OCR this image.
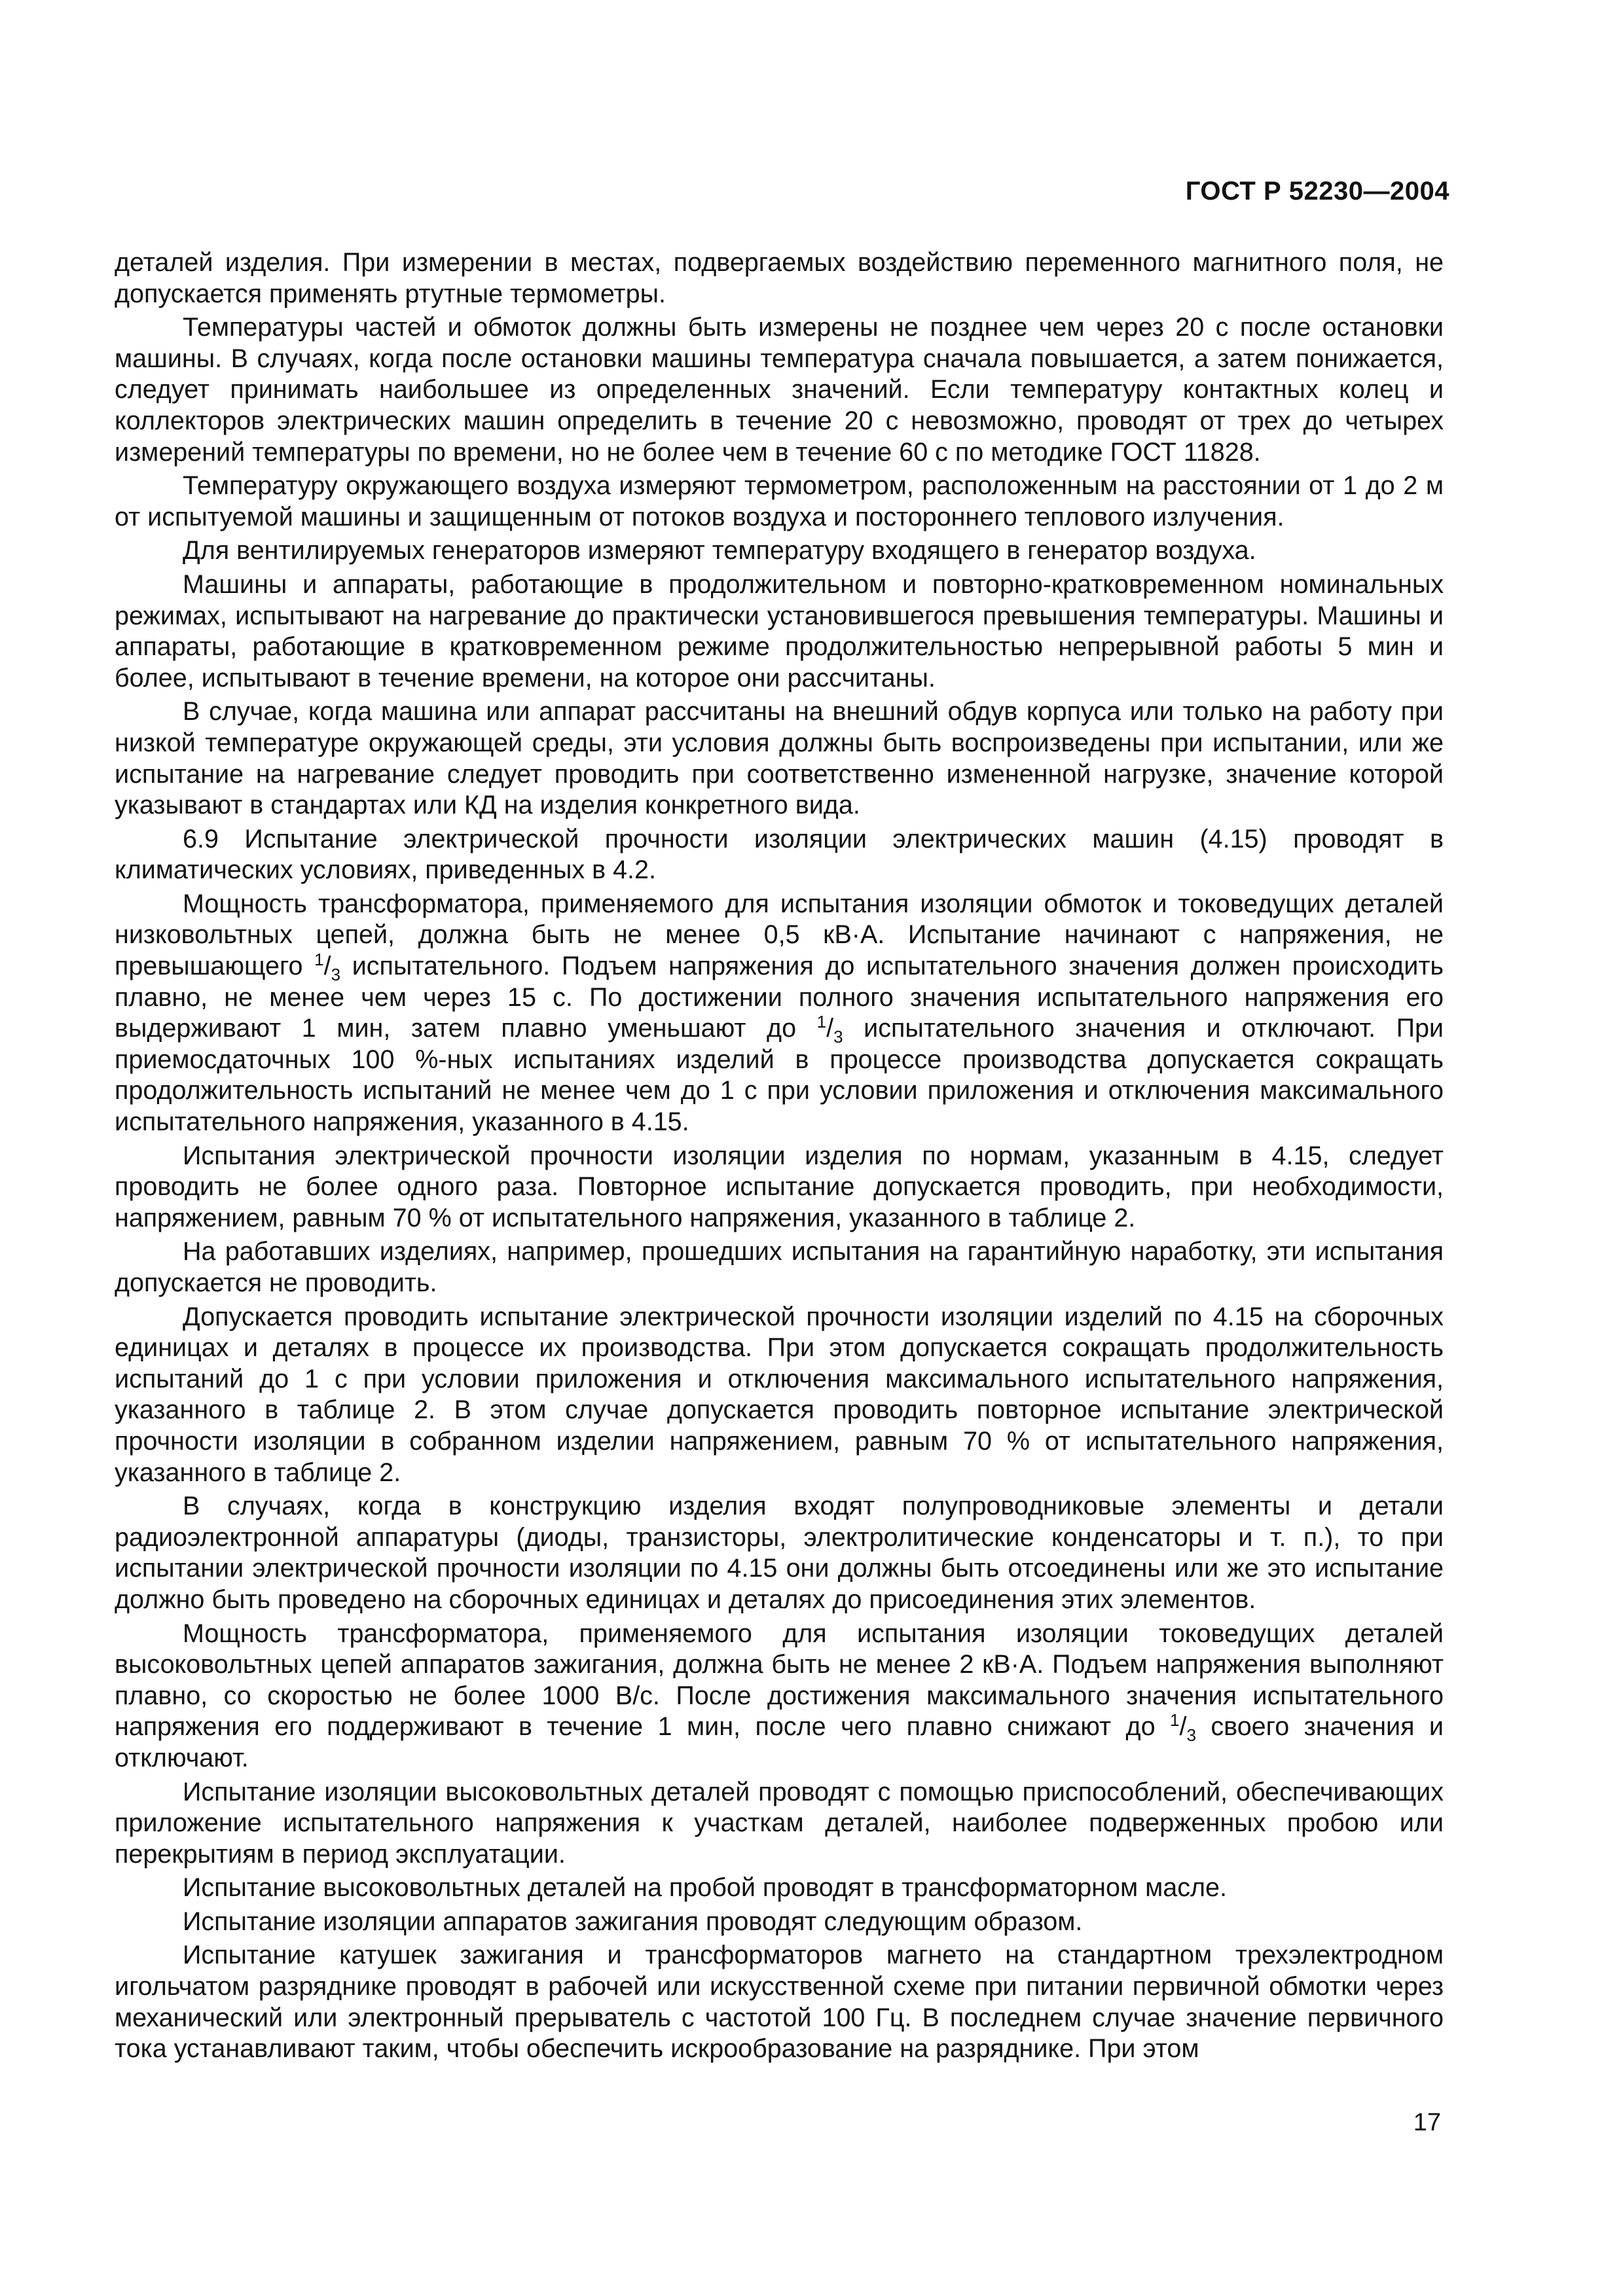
ГОСТ Р 52230—2004

деталей изделия. При измерении в местах, подвергаемых воздействию переменного магнитного поля, не допускается применять ртутные термометры.

Температуры частей и обмоток должны быть измерены не позднее чем через 20 с после остановки машины. В случаях, когда после остановки машины температура сначала повышается, а затем понижается, следует принимать наибольшее из определенных значений. Если температуру контактных колец и коллекторов электрических машин определить в течение 20 с невозможно, проводят от трех до четырех измерений температуры по времени, но не более чем в течение 60 с по методике ГОСТ 11828.

Температуру окружающего воздуха измеряют термометром, расположенным на расстоянии от 1 до 2 м от испытуемой машины и защищенным от потоков воздуха и постороннего теплового излучения.

Для вентилируемых генераторов измеряют температуру входящего в генератор воздуха.

Машины и аппараты, работающие в продолжительном и повторно-кратковременном номинальных режимах, испытывают на нагревание до практически установившегося превышения температуры. Машины и аппараты, работающие в кратковременном режиме продолжительностью непрерывной работы 5 мин и более, испытывают в течение времени, на которое они рассчитаны.

В случае, когда машина или аппарат рассчитаны на внешний обдув корпуса или только на работу при низкой температуре окружающей среды, эти условия должны быть воспроизведены при испытании, или же испытание на нагревание следует проводить при соответственно измененной нагрузке, значение которой указывают в стандартах или КД на изделия конкретного вида.

6.9 Испытание электрической прочности изоляции электрических машин (4.15) проводят в климатических условиях, приведенных в 4.2.

Мощность трансформатора, применяемого для испытания изоляции обмоток и токоведущих деталей низковольтных цепей, должна быть не менее 0,5 кВ·А. Испытание начинают с напряжения, не превышающего $^1/_3$ испытательного. Подъем напряжения до испытательного значения должен происходить плавно, не менее чем через 15 с. По достижении полного значения испытательного напряжения его выдерживают 1 мин, затем плавно уменьшают до $^1/_3$ испытательного значения и отключают. При приемосдаточных 100 %-ных испытаниях изделий в процессе производства допускается сокращать продолжительность испытаний не менее чем до 1 с при условии приложения и отключения максимального испытательного напряжения, указанного в 4.15.

Испытания электрической прочности изоляции изделия по нормам, указанным в 4.15, следует проводить не более одного раза. Повторное испытание допускается проводить, при необходимости, напряжением, равным 70 % от испытательного напряжения, указанного в таблице 2.

На работавших изделиях, например, прошедших испытания на гарантийную наработку, эти испытания допускается не проводить.

Допускается проводить испытание электрической прочности изоляции изделий по 4.15 на сборочных единицах и деталях в процессе их производства. При этом допускается сокращать продолжительность испытаний до 1 с при условии приложения и отключения максимального испытательного напряжения, указанного в таблице 2. В этом случае допускается проводить повторное испытание электрической прочности изоляции в собранном изделии напряжением, равным 70 % от испытательного напряжения, указанного в таблице 2.

В случаях, когда в конструкцию изделия входят полупроводниковые элементы и детали радиоэлектронной аппаратуры (диоды, транзисторы, электролитические конденсаторы и т. п.), то при испытании электрической прочности изоляции по 4.15 они должны быть отсоединены или же это испытание должно быть проведено на сборочных единицах и деталях до присоединения этих элементов.

Мощность трансформатора, применяемого для испытания изоляции токоведущих деталей высоковольтных цепей аппаратов зажигания, должна быть не менее 2 кВ·А. Подъем напряжения выполняют плавно, со скоростью не более 1000 В/с. После достижения максимального значения испытательного напряжения его поддерживают в течение 1 мин, после чего плавно снижают до $^1/_3$ своего значения и отключают.

Испытание изоляции высоковольтных деталей проводят с помощью приспособлений, обеспечивающих приложение испытательного напряжения к участкам деталей, наиболее подверженных пробою или перекрытиям в период эксплуатации.

Испытание высоковольтных деталей на пробой проводят в трансформаторном масле.

Испытание изоляции аппаратов зажигания проводят следующим образом.

Испытание катушек зажигания и трансформаторов магнето на стандартном трехэлектродном игольчатом разряднике проводят в рабочей или искусственной схеме при питании первичной обмотки через механический или электронный прерыватель с частотой 100 Гц. В последнем случае значение первичного тока устанавливают таким, чтобы обеспечить искрообразование на разряднике. При этом

17
